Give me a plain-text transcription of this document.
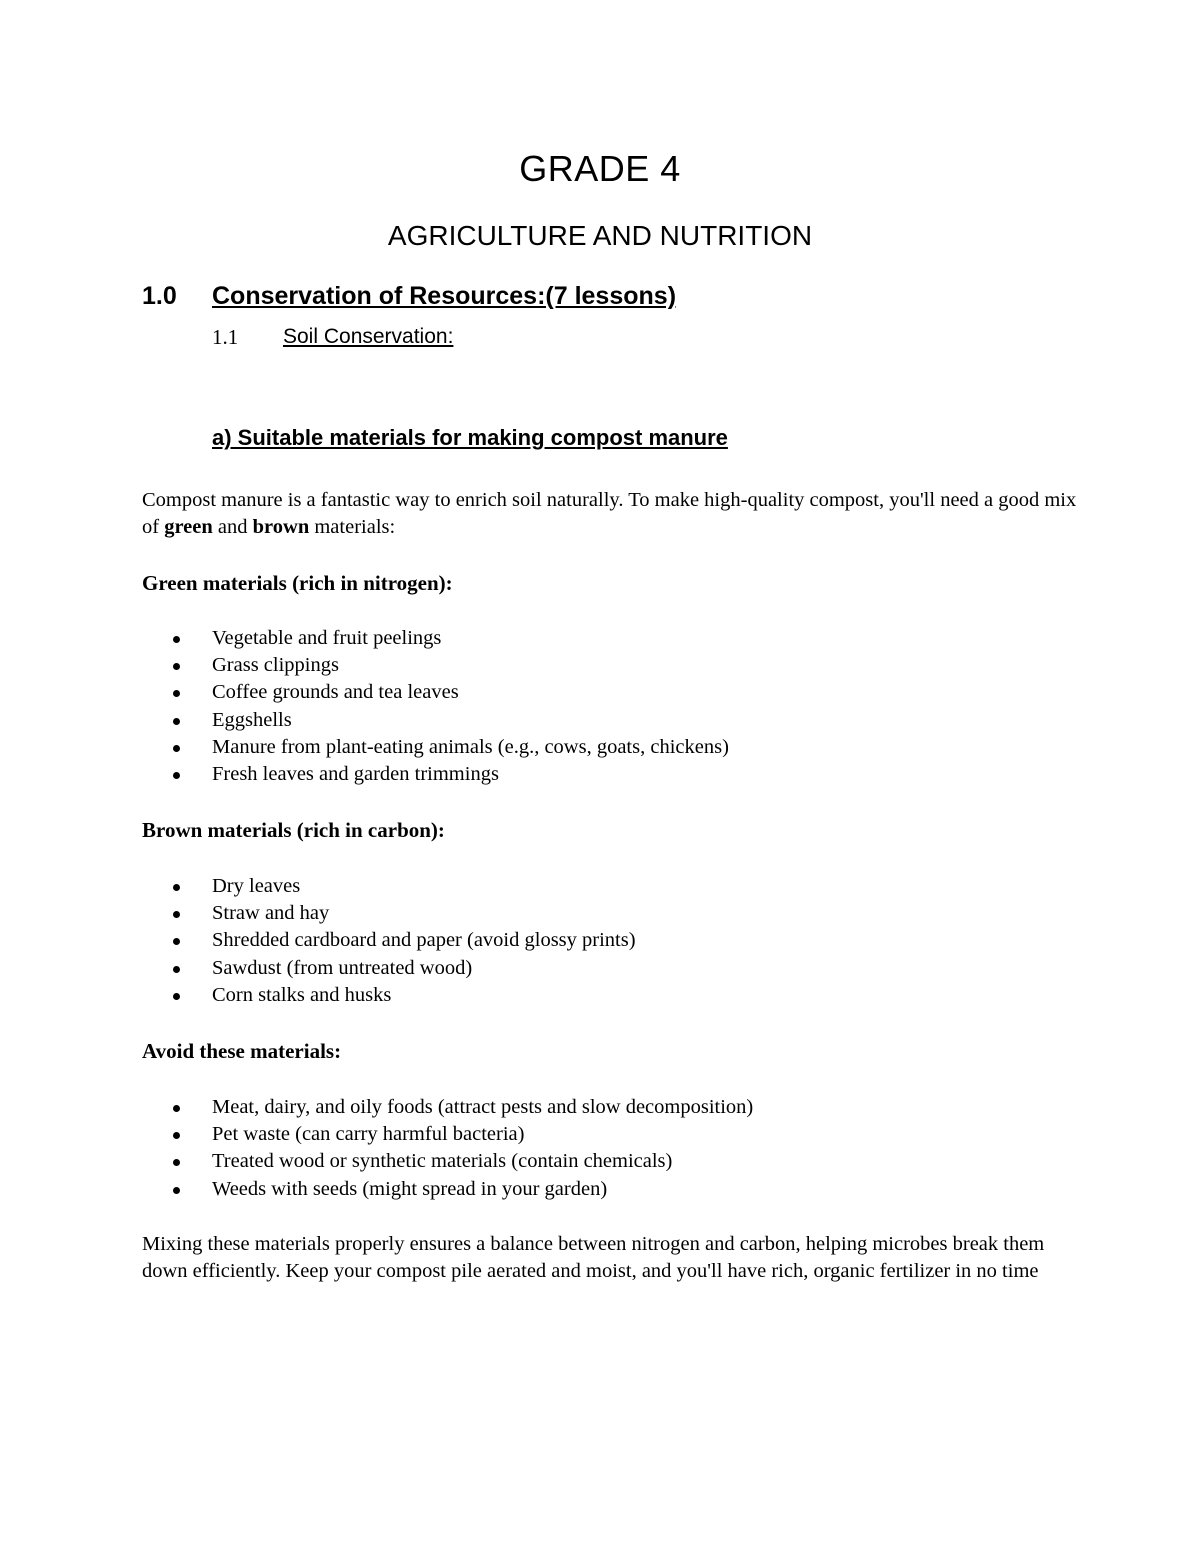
GRADE 4
AGRICULTURE AND NUTRITION
1.0 Conservation of Resources:(7 lessons)
1.1 Soil Conservation:
a) Suitable materials for making compost manure
Compost manure is a fantastic way to enrich soil naturally. To make high-quality compost, you'll need a good mix of green and brown materials:
Green materials (rich in nitrogen):
Vegetable and fruit peelings
Grass clippings
Coffee grounds and tea leaves
Eggshells
Manure from plant-eating animals (e.g., cows, goats, chickens)
Fresh leaves and garden trimmings
Brown materials (rich in carbon):
Dry leaves
Straw and hay
Shredded cardboard and paper (avoid glossy prints)
Sawdust (from untreated wood)
Corn stalks and husks
Avoid these materials:
Meat, dairy, and oily foods (attract pests and slow decomposition)
Pet waste (can carry harmful bacteria)
Treated wood or synthetic materials (contain chemicals)
Weeds with seeds (might spread in your garden)
Mixing these materials properly ensures a balance between nitrogen and carbon, helping microbes break them down efficiently. Keep your compost pile aerated and moist, and you'll have rich, organic fertilizer in no time
